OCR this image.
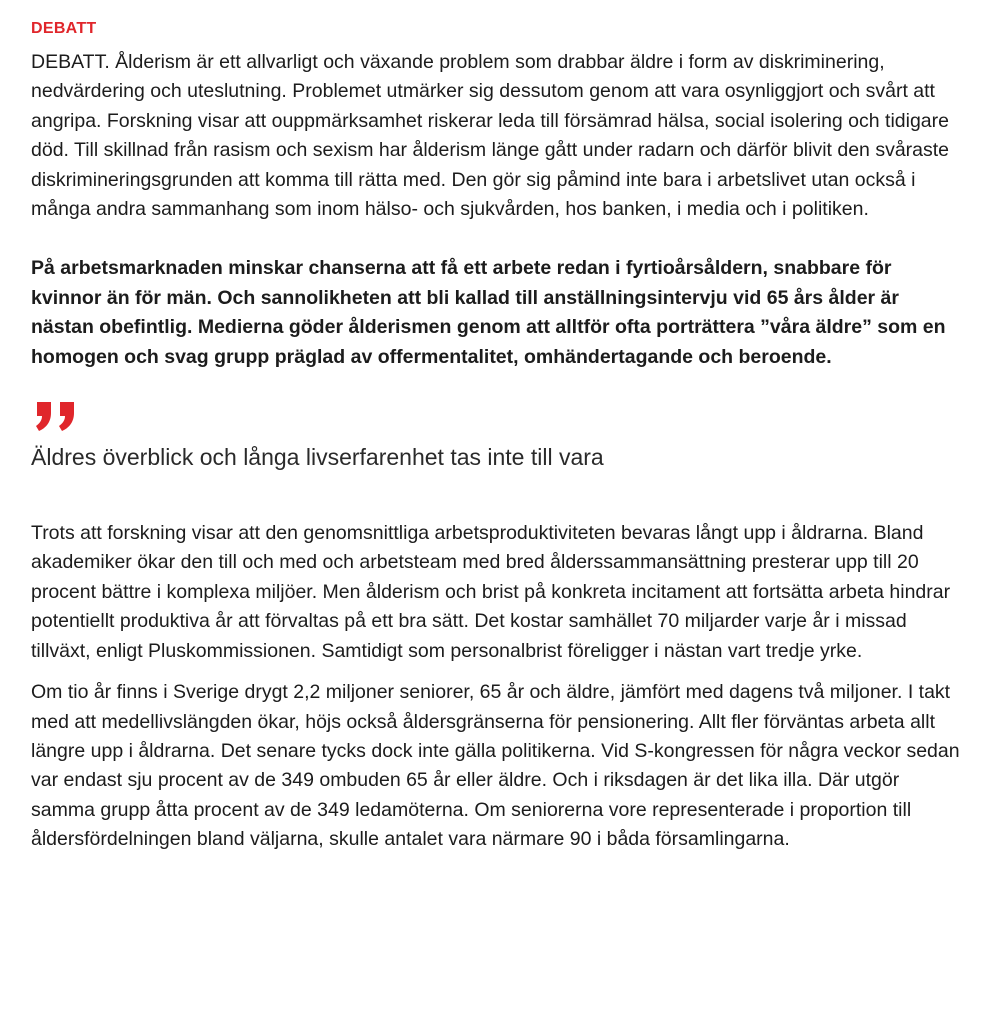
DEBATT

DEBATT. Ålderism är ett allvarligt och växande problem som drabbar äldre i form av diskriminering, nedvärdering och uteslutning. Problemet utmärker sig dessutom genom att vara osynliggjort och svårt att angripa. Forskning visar att ouppmärksamhet riskerar leda till försämrad hälsa, social isolering och tidigare död. Till skillnad från rasism och sexism har ålderism länge gått under radarn och därför blivit den svåraste diskrimineringsgrunden att komma till rätta med. Den gör sig påmind inte bara i arbetslivet utan också i många andra sammanhang som inom hälso- och sjukvården, hos banken, i media och i politiken.

På arbetsmarknaden minskar chanserna att få ett arbete redan i fyrtioårsåldern, snabbare för kvinnor än för män. Och sannolikheten att bli kallad till anställningsintervju vid 65 års ålder är nästan obefintlig. Medierna göder ålderismen genom att alltför ofta porträttera ”våra äldre” som en homogen och svag grupp präglad av offermentalitet, omhändertagande och beroende.

Äldres överblick och långa livserfarenhet tas inte till vara

Trots att forskning visar att den genomsnittliga arbetsproduktiviteten bevaras långt upp i åldrarna. Bland akademiker ökar den till och med och arbetsteam med bred ålderssammansättning presterar upp till 20 procent bättre i komplexa miljöer. Men ålderism och brist på konkreta incitament att fortsätta arbeta hindrar potentiellt produktiva år att förvaltas på ett bra sätt. Det kostar samhället 70 miljarder varje år i missad tillväxt, enligt Pluskommissionen. Samtidigt som personalbrist föreligger i nästan vart tredje yrke.

Om tio år finns i Sverige drygt 2,2 miljoner seniorer, 65 år och äldre, jämfört med dagens två miljoner. I takt med att medellivslängden ökar, höjs också åldersgränserna för pensionering. Allt fler förväntas arbeta allt längre upp i åldrarna. Det senare tycks dock inte gälla politikerna. Vid S-kongressen för några veckor sedan var endast sju procent av de 349 ombuden 65 år eller äldre. Och i riksdagen är det lika illa. Där utgör samma grupp åtta procent av de 349 ledamöterna. Om seniorerna vore representerade i proportion till åldersfördelningen bland väljarna, skulle antalet vara närmare 90 i båda församlingarna.
